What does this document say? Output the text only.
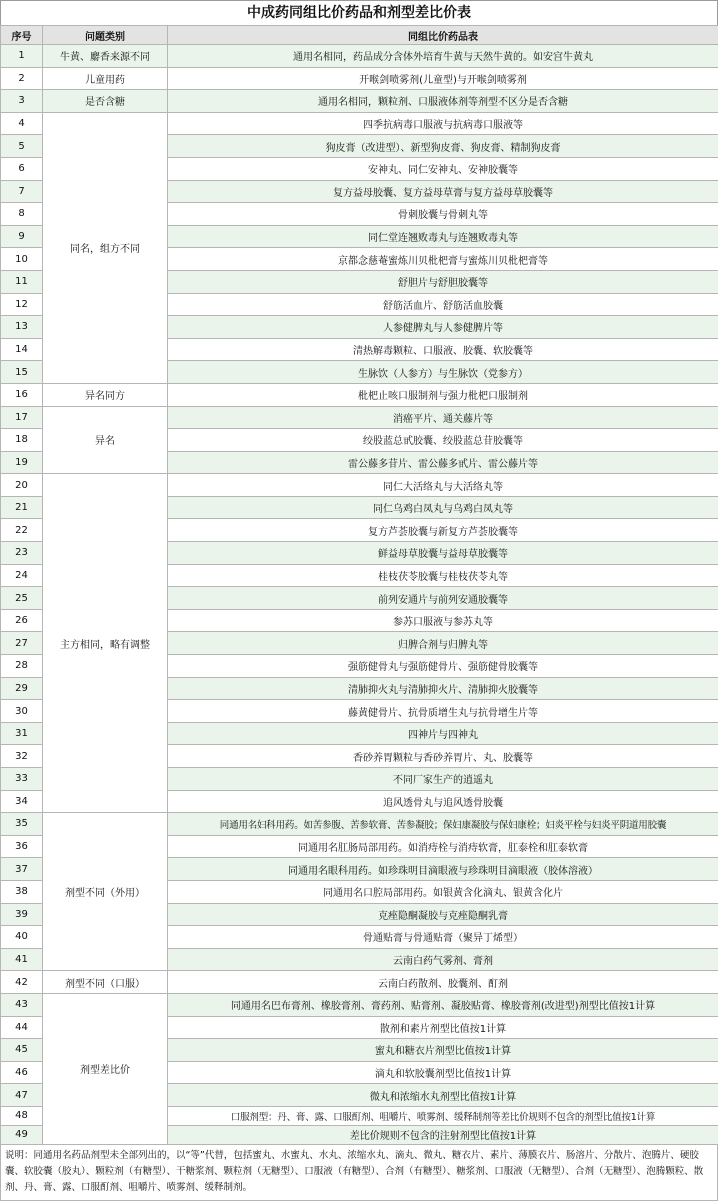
中成药同组比价药品和剂型差比价表
序号	问题类别	同组比价药品表
1	牛黄、麝香来源不同	通用名相同，药品成分含体外培育牛黄与天然牛黄的。如安宫牛黄丸
2	儿童用药	开喉剑喷雾剂(儿童型)与开喉剑喷雾剂
3	是否含糖	通用名相同，颗粒剂、口服液体剂等剂型不区分是否含糖
4	同名，组方不同	四季抗病毒口服液与抗病毒口服液等
5		狗皮膏（改进型）、新型狗皮膏、狗皮膏、精制狗皮膏
6		安神丸、同仁安神丸、安神胶囊等
7		复方益母胶囊、复方益母草膏与复方益母草胶囊等
8		骨刺胶囊与骨刺丸等
9		同仁堂连翘败毒丸与连翘败毒丸等
10		京都念慈菴蜜炼川贝枇杷膏与蜜炼川贝枇杷膏等
11		舒胆片与舒胆胶囊等
12		舒筋活血片、舒筋活血胶囊
13		人参健脾丸与人参健脾片等
14		清热解毒颗粒、口服液、胶囊、软胶囊等
15		生脉饮（人参方）与生脉饮（党参方）
16	异名同方	枇杷止咳口服制剂与强力枇杷口服制剂
17	异名	消癌平片、通关藤片等
18		绞股蓝总甙胶囊、绞股蓝总苷胶囊等
19		雷公藤多苷片、雷公藤多甙片、雷公藤片等
20	主方相同，略有调整	同仁大活络丸与大活络丸等
21		同仁乌鸡白凤丸与乌鸡白凤丸等
22		复方芦荟胶囊与新复方芦荟胶囊等
23		鲜益母草胶囊与益母草胶囊等
24		桂枝茯苓胶囊与桂枝茯苓丸等
25		前列安通片与前列安通胶囊等
26		参苏口服液与参苏丸等
27		归脾合剂与归脾丸等
28		强筋健骨丸与强筋健骨片、强筋健骨胶囊等
29		清肺抑火丸与清肺抑火片、清肺抑火胶囊等
30		藤黄健骨片、抗骨质增生丸与抗骨增生片等
31		四神片与四神丸
32		香砂养胃颗粒与香砂养胃片、丸、胶囊等
33		不同厂家生产的逍遥丸
34		追风透骨丸与追风透骨胶囊
35	剂型不同（外用）	同通用名妇科用药。如苦参腹、苦参软膏、苦参凝胶；保妇康凝胶与保妇康栓；妇炎平栓与妇炎平阴道用胶囊
36		同通用名肛肠局部用药。如消痔栓与消痔软膏，肛泰栓和肛泰软膏
37		同通用名眼科用药。如珍珠明目滴眼液与珍珠明目滴眼液（胶体溶液）
38		同通用名口腔局部用药。如银黄含化滴丸、银黄含化片
39		克痤隐酮凝胶与克痤隐酮乳膏
40		骨通贴膏与骨通贴膏（聚异丁烯型）
41		云南白药气雾剂、膏剂
42	剂型不同（口服）	云南白药散剂、胶囊剂、酊剂
43	剂型差比价	同通用名巴布膏剂、橡胶膏剂、膏药剂、贴膏剂、凝胶贴膏、橡胶膏剂(改进型)剂型比值按1计算
44		散剂和素片剂型比值按1计算
45		蜜丸和糖衣片剂型比值按1计算
46		滴丸和软胶囊剂型比值按1计算
47		微丸和浓缩水丸剂型比值按1计算
48		口服剂型：丹、膏、露、口服酊剂、咀嚼片、喷雾剂、缓释制剂等差比价规则不包含的剂型比值按1计算
49		差比价规则不包含的注射剂型比值按1计算
说明：同通用名药品剂型未全部列出的，以“等”代替，包括蜜丸、水蜜丸、水丸、浓缩水丸、滴丸、微丸、糖衣片、素片、薄膜衣片、肠溶片、分散片、泡腾片、硬胶囊、软胶囊（胶丸）、颗粒剂（有糖型）、干糖浆剂、颗粒剂（无糖型）、口服液（有糖型）、合剂（有糖型）、糖浆剂、口服液（无糖型）、合剂（无糖型）、泡腾颗粒、散剂、丹、膏、露、口服酊剂、咀嚼片、喷雾剂、缓释制剂。
